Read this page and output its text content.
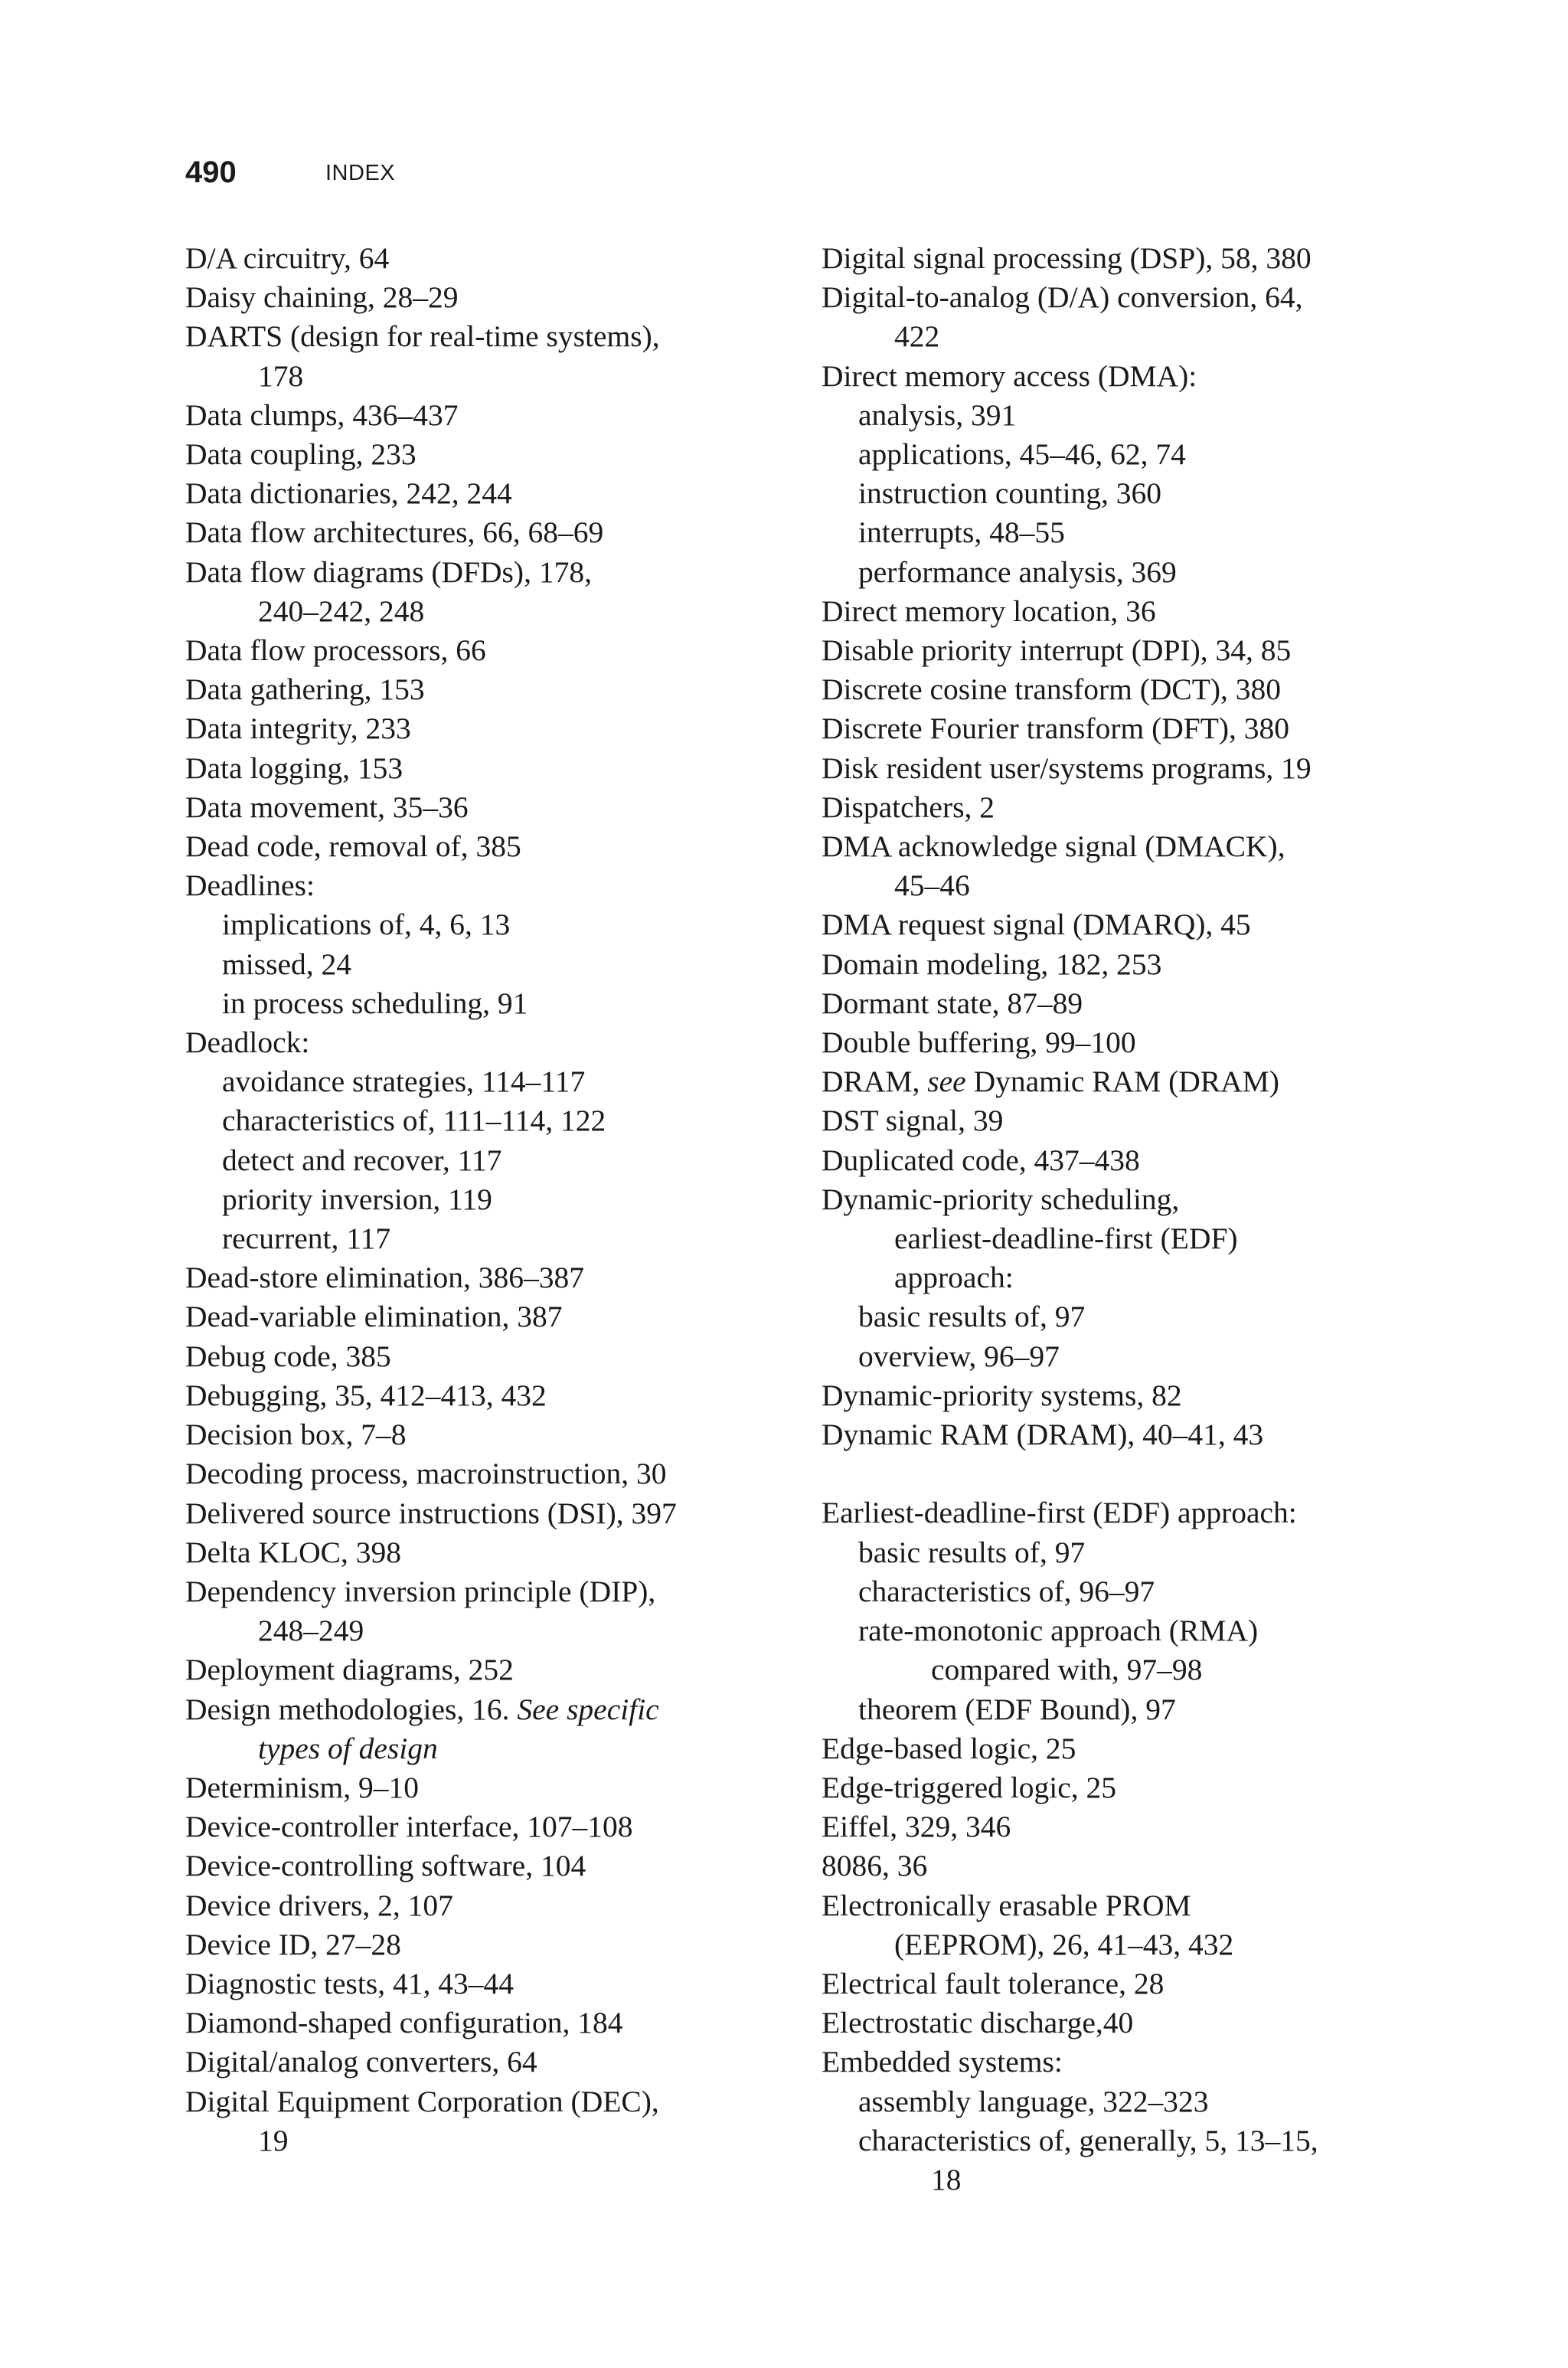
490	INDEX
D/A circuitry, 64
Daisy chaining, 28–29
DARTS (design for real-time systems),
178
Data clumps, 436–437
Data coupling, 233
Data dictionaries, 242, 244
Data flow architectures, 66, 68–69
Data flow diagrams (DFDs), 178,
240–242, 248
Data flow processors, 66
Data gathering, 153
Data integrity, 233
Data logging, 153
Data movement, 35–36
Dead code, removal of, 385
Deadlines:
implications of, 4, 6, 13
missed, 24
in process scheduling, 91
Deadlock:
avoidance strategies, 114–117
characteristics of, 111–114, 122
detect and recover, 117
priority inversion, 119
recurrent, 117
Dead-store elimination, 386–387
Dead-variable elimination, 387
Debug code, 385
Debugging, 35, 412–413, 432
Decision box, 7–8
Decoding process, macroinstruction, 30
Delivered source instructions (DSI), 397
Delta KLOC, 398
Dependency inversion principle (DIP),
248–249
Deployment diagrams, 252
Design methodologies, 16. See specific
types of design
Determinism, 9–10
Device-controller interface, 107–108
Device-controlling software, 104
Device drivers, 2, 107
Device ID, 27–28
Diagnostic tests, 41, 43–44
Diamond-shaped configuration, 184
Digital/analog converters, 64
Digital Equipment Corporation (DEC),
19
Digital signal processing (DSP), 58, 380
Digital-to-analog (D/A) conversion, 64,
422
Direct memory access (DMA):
analysis, 391
applications, 45–46, 62, 74
instruction counting, 360
interrupts, 48–55
performance analysis, 369
Direct memory location, 36
Disable priority interrupt (DPI), 34, 85
Discrete cosine transform (DCT), 380
Discrete Fourier transform (DFT), 380
Disk resident user/systems programs, 19
Dispatchers, 2
DMA acknowledge signal (DMACK),
45–46
DMA request signal (DMARQ), 45
Domain modeling, 182, 253
Dormant state, 87–89
Double buffering, 99–100
DRAM, see Dynamic RAM (DRAM)
DST signal, 39
Duplicated code, 437–438
Dynamic-priority scheduling,
earliest-deadline-first (EDF)
approach:
basic results of, 97
overview, 96–97
Dynamic-priority systems, 82
Dynamic RAM (DRAM), 40–41, 43
Earliest-deadline-first (EDF) approach:
basic results of, 97
characteristics of, 96–97
rate-monotonic approach (RMA)
compared with, 97–98
theorem (EDF Bound), 97
Edge-based logic, 25
Edge-triggered logic, 25
Eiffel, 329, 346
8086, 36
Electronically erasable PROM
(EEPROM), 26, 41–43, 432
Electrical fault tolerance, 28
Electrostatic discharge,40
Embedded systems:
assembly language, 322–323
characteristics of, generally, 5, 13–15,
18
